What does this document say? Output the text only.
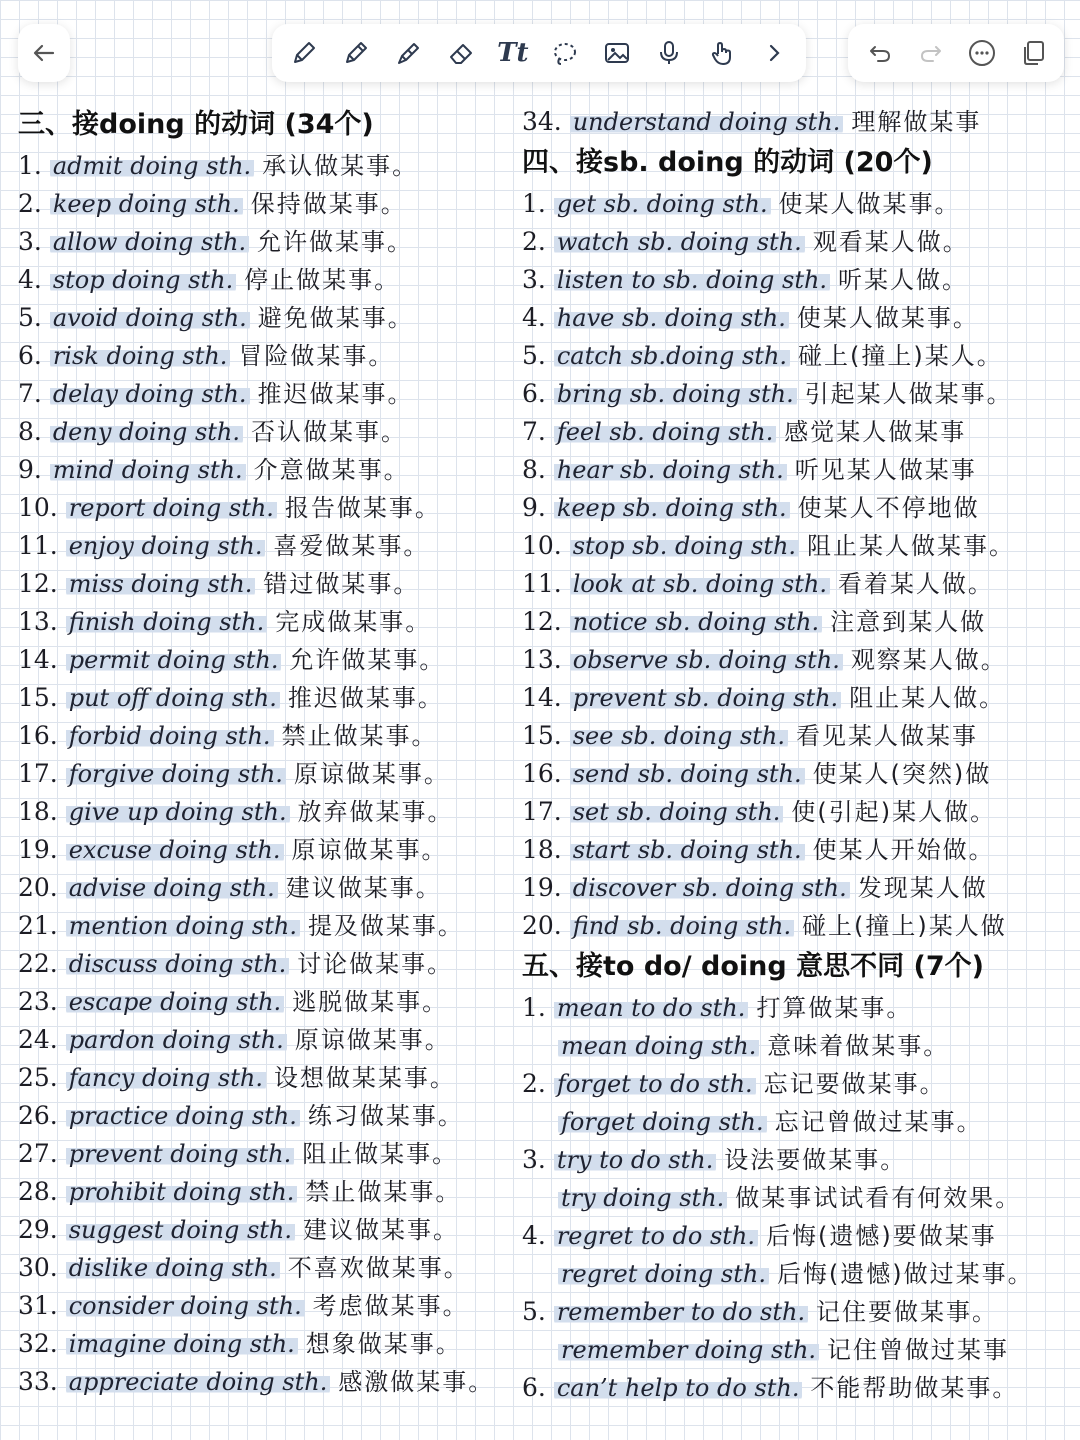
Tt
三、接doing 的动词 (34个)
1. admit doing sth. 承认做某事。
2. keep doing sth. 保持做某事。
3. allow doing sth. 允许做某事。
4. stop doing sth. 停止做某事。
5. avoid doing sth. 避免做某事。
6. risk doing sth. 冒险做某事。
7. delay doing sth. 推迟做某事。
8. deny doing sth. 否认做某事。
9. mind doing sth. 介意做某事。
10. report doing sth. 报告做某事。
11. enjoy doing sth. 喜爱做某事。
12. miss doing sth. 错过做某事。
13. finish doing sth. 完成做某事。
14. permit doing sth. 允许做某事。
15. put off doing sth. 推迟做某事。
16. forbid doing sth. 禁止做某事。
17. forgive doing sth. 原谅做某事。
18. give up doing sth. 放弃做某事。
19. excuse doing sth. 原谅做某事。
20. advise doing sth. 建议做某事。
21. mention doing sth. 提及做某事。
22. discuss doing sth. 讨论做某事。
23. escape doing sth. 逃脱做某事。
24. pardon doing sth. 原谅做某事。
25. fancy doing sth. 设想做某某事。
26. practice doing sth. 练习做某事。
27. prevent doing sth. 阻止做某事。
28. prohibit doing sth. 禁止做某事。
29. suggest doing sth. 建议做某事。
30. dislike doing sth. 不喜欢做某事。
31. consider doing sth. 考虑做某事。
32. imagine doing sth. 想象做某事。
33. appreciate doing sth. 感激做某事。
34. understand doing sth. 理解做某事
四、接sb. doing 的动词 (20个)
1. get sb. doing sth. 使某人做某事。
2. watch sb. doing sth. 观看某人做。
3. listen to sb. doing sth. 听某人做。
4. have sb. doing sth. 使某人做某事。
5. catch sb.doing sth. 碰上(撞上)某人。
6. bring sb. doing sth. 引起某人做某事。
7. feel sb. doing sth. 感觉某人做某事
8. hear sb. doing sth. 听见某人做某事
9. keep sb. doing sth. 使某人不停地做
10. stop sb. doing sth. 阻止某人做某事。
11. look at sb. doing sth. 看着某人做。
12. notice sb. doing sth. 注意到某人做
13. observe sb. doing sth. 观察某人做。
14. prevent sb. doing sth. 阻止某人做。
15. see sb. doing sth. 看见某人做某事
16. send sb. doing sth. 使某人(突然)做
17. set sb. doing sth. 使(引起)某人做。
18. start sb. doing sth. 使某人开始做。
19. discover sb. doing sth. 发现某人做
20. find sb. doing sth. 碰上(撞上)某人做
五、接to do/ doing 意思不同 (7个)
1. mean to do sth. 打算做某事。
mean doing sth. 意味着做某事。
2. forget to do sth. 忘记要做某事。
forget doing sth. 忘记曾做过某事。
3. try to do sth. 设法要做某事。
try doing sth. 做某事试试看有何效果。
4. regret to do sth. 后悔(遗憾)要做某事
regret doing sth. 后悔(遗憾)做过某事。
5. remember to do sth. 记住要做某事。
remember doing sth. 记住曾做过某事
6. can’t help to do sth. 不能帮助做某事。
